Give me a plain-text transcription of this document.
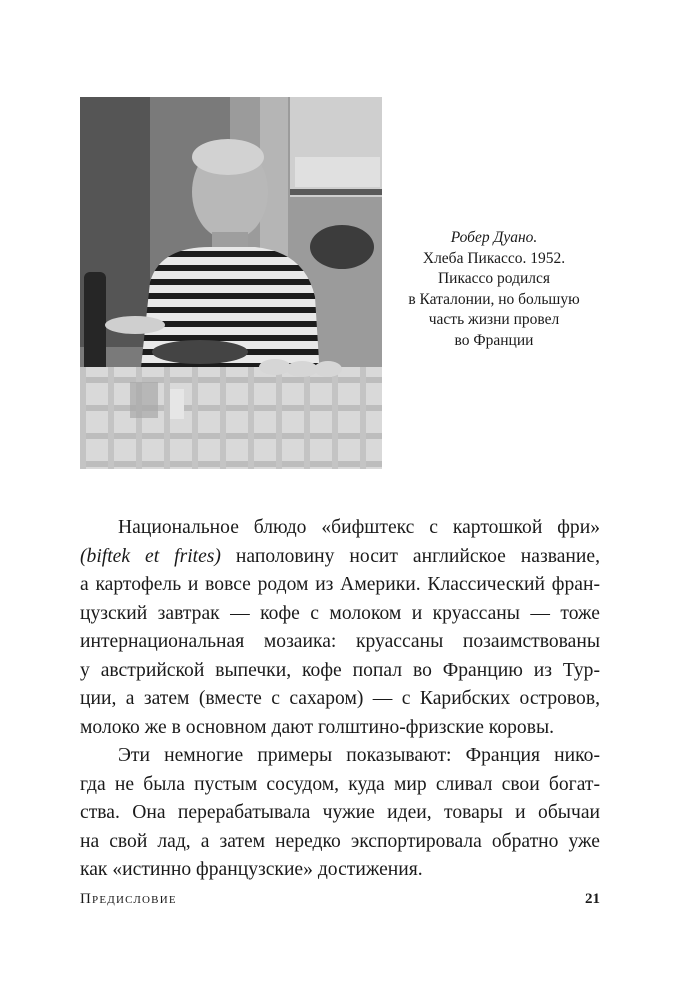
Робер Дуано.
Хлеба Пикассо. 1952.
Пикассо родился
в Каталонии, но большую
часть жизни провел
во Франции
Национальное блюдо «бифштекс с картошкой фри»
(biftek et frites) наполовину носит английское название,
а картофель и вовсе родом из Америки. Классический фран-
цузский завтрак — кофе с молоком и круассаны — тоже
интернациональная мозаика: круассаны позаимствованы
у австрийской выпечки, кофе попал во Францию из Тур-
ции, а затем (вместе с сахаром) — с Карибских островов,
молоко же в основном дают голштино-фризские коровы.
Эти немногие примеры показывают: Франция нико-
гда не была пустым сосудом, куда мир сливал свои богат-
ства. Она перерабатывала чужие идеи, товары и обычаи
на свой лад, а затем нередко экспортировала обратно уже
как «истинно французские» достижения.
Предисловие	21
